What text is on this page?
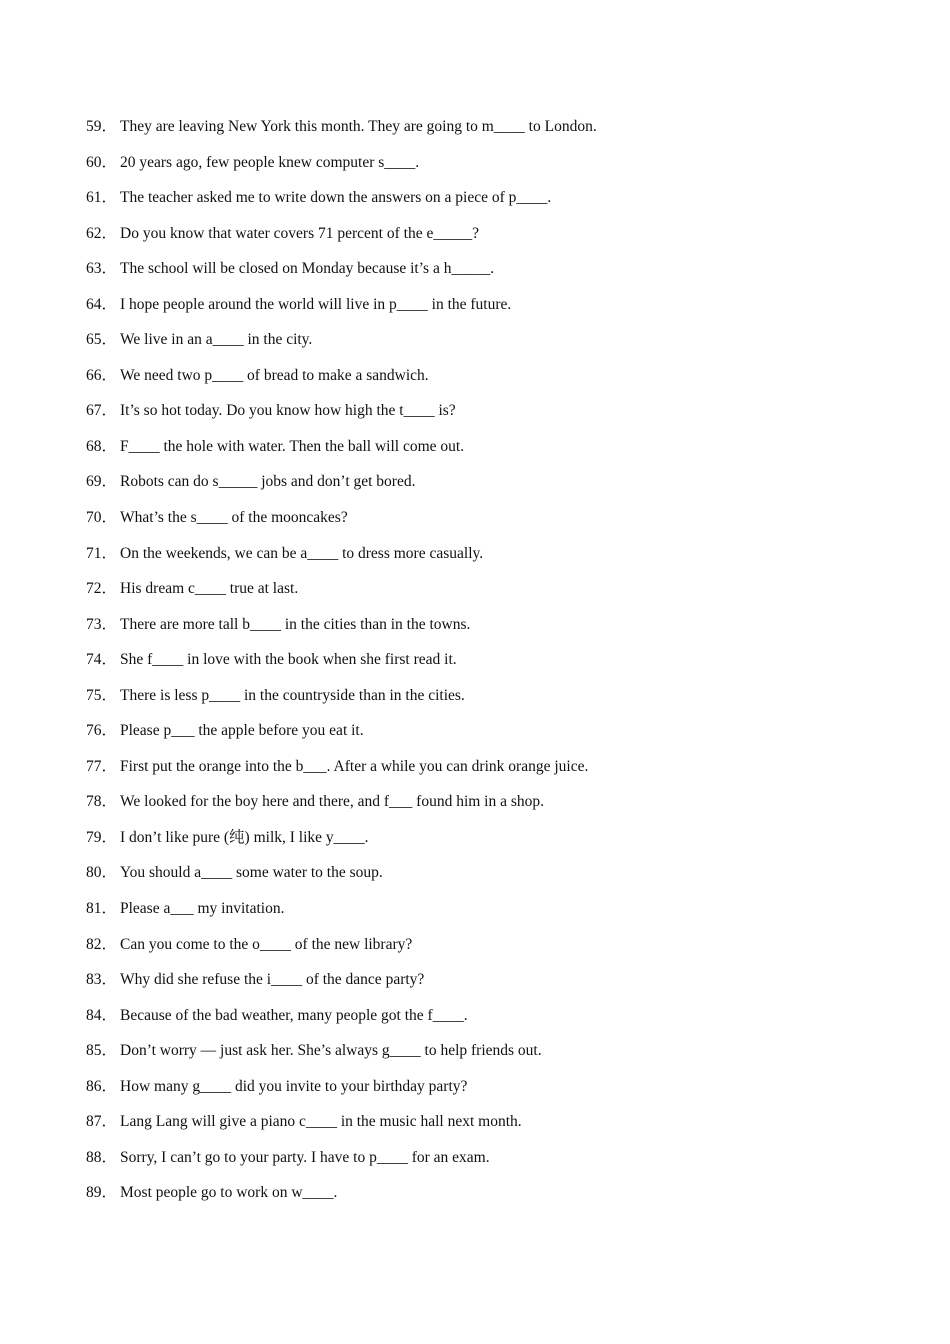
59． They are leaving New York this month. They are going to m____ to London.
60． 20 years ago, few people knew computer s____.
61． The teacher asked me to write down the answers on a piece of p____.
62． Do you know that water covers 71 percent of the e_____?
63． The school will be closed on Monday because it’s a h_____.
64． I hope people around the world will live in p____ in the future.
65． We live in an a____ in the city.
66． We need two p____ of bread to make a sandwich.
67． It’s so hot today. Do you know how high the t____ is?
68． F____ the hole with water. Then the ball will come out.
69． Robots can do s_____ jobs and don’t get bored.
70． What’s the s____ of the mooncakes?
71． On the weekends, we can be a____ to dress more casually.
72． His dream c____ true at last.
73． There are more tall b____ in the cities than in the towns.
74． She f____ in love with the book when she first read it.
75． There is less p____ in the countryside than in the cities.
76． Please p___ the apple before you eat it.
77． First put the orange into the b___. After a while you can drink orange juice.
78． We looked for the boy here and there, and f___ found him in a shop.
79． I don’t like pure (纯) milk, I like y____.
80． You should a____ some water to the soup.
81． Please a___ my invitation.
82． Can you come to the o____ of the new library?
83． Why did she refuse the i____ of the dance party?
84． Because of the bad weather, many people got the f____.
85． Don’t worry — just ask her. She’s always g____ to help friends out.
86． How many g____ did you invite to your birthday party?
87． Lang Lang will give a piano c____ in the music hall next month.
88． Sorry, I can’t go to your party. I have to p____ for an exam.
89． Most people go to work on w____.
